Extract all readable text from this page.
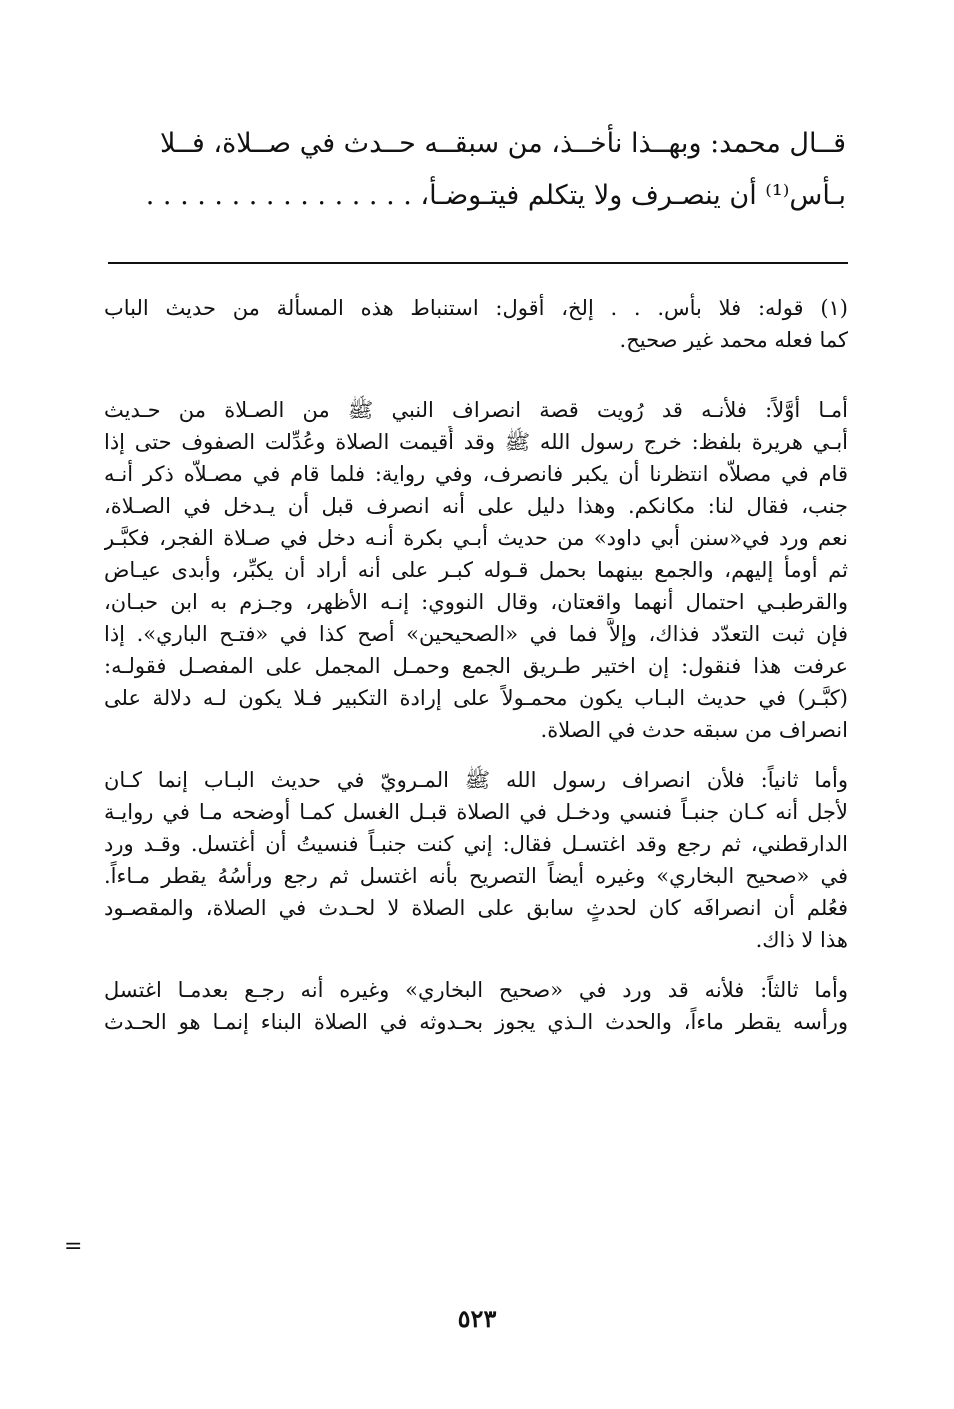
قــال محمد: وبهــذا نأخــذ، من سبقــه حــدث في صــلاة، فــلا
بـأس⁽¹⁾ أن ينصـرف ولا يتكلم فيتـوضـأ، . . . . . . . . . . . . . . . .
(١) قوله: فلا بأس. . . إلخ، أقول: استنباط هذه المسألة من حديث الباب
كما فعله محمد غير صحيح.
أمـا أوَّلاً: فلأنـه قد رُويت قصة انصراف النبي ﷺ من الصـلاة من حـديث
أبـي هريرة بلفظ: خرج رسول الله ﷺ وقد أُقيمت الصلاة وعُدِّلت الصفوف حتى إذا
قام في مصلاّه انتظرنا أن يكبر فانصرف، وفي رواية: فلما قام في مصـلاّه ذكر أنـه
جنب، فقال لنا: مكانكم. وهذا دليل على أنه انصرف قبل أن يـدخل في الصـلاة،
نعم ورد في«سنن أبي داود» من حديث أبـي بكرة أنـه دخل في صـلاة الفجر، فكبَّـر
ثم أومأ إليهم، والجمع بينهما بحمل قـوله كبـر على أنه أراد أن يكبِّر، وأبدى عيـاض
والقرطبـي احتمال أنهما واقعتان، وقال النووي: إنـه الأظهر، وجـزم به ابن حبـان،
فإن ثبت التعدّد فذاك، وإلاَّ فما في «الصحيحين» أصح كذا في «فتـح الباري». إذا
عرفت هذا فنقول: إن اختير طـريق الجمع وحمـل المجمل على المفصـل فقولـه:
(كبَّـر) في حديث البـاب يكون محمـولاً على إرادة التكبير فـلا يكون لـه دلالة على
انصراف من سبقه حدث في الصلاة.
وأما ثانياً: فلأن انصراف رسول الله ﷺ المـرويّ في حديث البـاب إنما كـان
لأجل أنه كـان جنبـاً فنسي ودخـل في الصلاة قبـل الغسل كمـا أوضحه مـا في روايـة
الدارقطني، ثم رجع وقد اغتسـل فقال: إني كنت جنبـاً فنسيتُ أن أغتسل. وقـد ورد
في «صحيح البخاري» وغيره أيضاً التصريح بأنه اغتسل ثم رجع ورأسُهُ يقطر مـاءاً.
فعُلم أن انصرافَه كان لحدثٍ سابق على الصلاة لا لحـدث في الصلاة، والمقصـود
هذا لا ذاك.
وأما ثالثاً: فلأنه قد ورد في «صحيح البخاري» وغيره أنه رجـع بعدمـا اغتسل
ورأسه يقطر ماءاً، والحدث الـذي يجوز بحـدوثه في الصلاة البناء إنمـا هو الحـدث
=
٥٢٣
